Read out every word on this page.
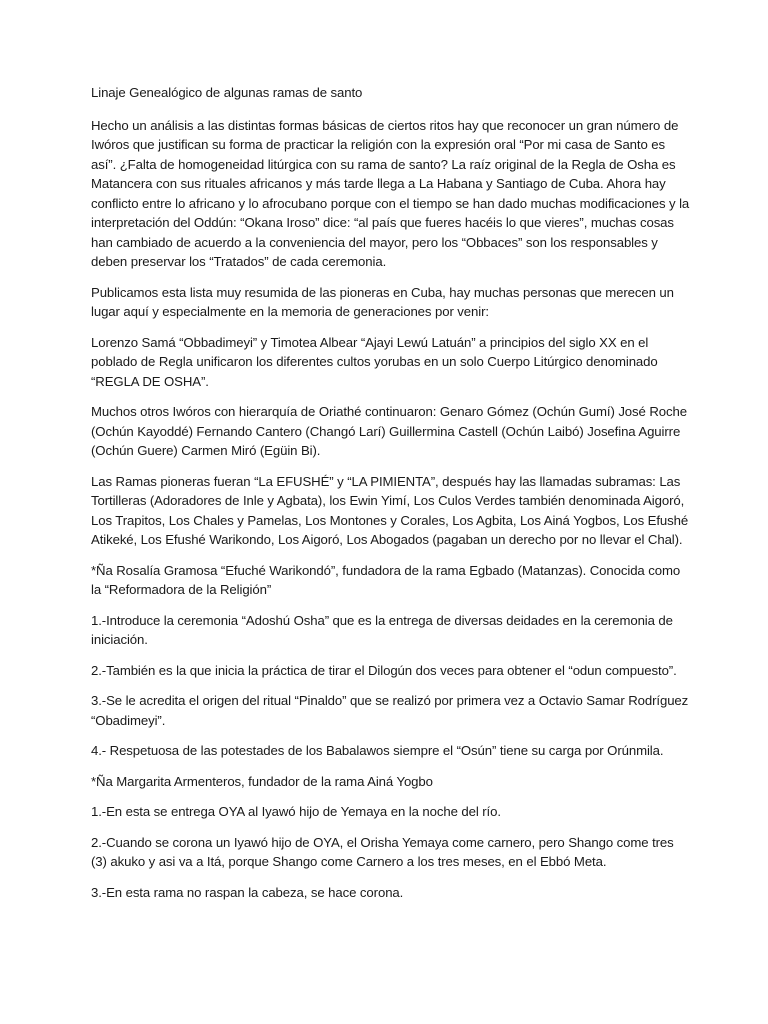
Linaje Genealógico de algunas ramas de santo

Hecho un análisis a las distintas formas básicas de ciertos ritos hay que reconocer un gran número de Iwóros que justifican su forma de practicar la religión con la expresión oral “Por mi casa de Santo es así”. ¿Falta de homogeneidad litúrgica con su rama de santo? La raíz original de la Regla de Osha es Matancera con sus rituales africanos y más tarde llega a La Habana y Santiago de Cuba. Ahora hay conflicto entre lo africano y lo afrocubano porque con el tiempo se han dado muchas modificaciones y la interpretación del Oddún: “Okana Iroso” dice: “al país que fueres hacéis lo que vieres”, muchas cosas han cambiado de acuerdo a la conveniencia del mayor, pero los “Obbaces” son los responsables y deben preservar los “Tratados” de cada ceremonia.

Publicamos esta lista muy resumida de las pioneras en Cuba, hay muchas personas que merecen un lugar aquí y especialmente en la memoria de generaciones por venir:

Lorenzo Samá “Obbadimeyi” y Timotea Albear “Ajayi Lewú Latuán” a principios del siglo XX en el poblado de Regla unificaron los diferentes cultos yorubas en un solo Cuerpo Litúrgico denominado “REGLA DE OSHA”.

Muchos otros Iwóros con hierarquía de Oriathé continuaron: Genaro Gómez (Ochún Gumí) José Roche (Ochún Kayoddé) Fernando Cantero (Changó Larí) Guillermina Castell (Ochún Laibó) Josefina Aguirre (Ochún Guere) Carmen Miró (Egüin Bi).

Las Ramas pioneras fueran “La EFUSHÉ” y “LA PIMIENTA”, después hay las llamadas subramas: Las Tortilleras (Adoradores de Inle y Agbata), los Ewin Yimí, Los Culos Verdes también denominada Aigoró, Los Trapitos, Los Chales y Pamelas, Los Montones y Corales, Los Agbita, Los Ainá Yogbos, Los Efushé Atikeké, Los Efushé Warikondo, Los Aigoró, Los Abogados (pagaban un derecho por no llevar el Chal).

*Ña Rosalía Gramosa “Efuché Warikondó”, fundadora de la rama Egbado (Matanzas). Conocida como la “Reformadora de la Religión”

1.-Introduce la ceremonia “Adoshú Osha” que es la entrega de diversas deidades en la ceremonia de iniciación.

2.-También es la que inicia la práctica de tirar el Dilogún dos veces para obtener el “odun compuesto”.

3.-Se le acredita el origen del ritual “Pinaldo” que se realizó por primera vez a Octavio Samar Rodríguez “Obadimeyi”.

4.- Respetuosa de las potestades de los Babalawos siempre el “Osún” tiene su carga por Orúnmila.

*Ña Margarita Armenteros, fundador de la rama Ainá Yogbo

1.-En esta se entrega OYA al Iyawó hijo de Yemaya en la noche del río.

2.-Cuando se corona un Iyawó hijo de OYA, el Orisha Yemaya come carnero, pero Shango come tres (3) akuko y asi va a Itá, porque Shango come Carnero a los tres meses, en el Ebbó Meta.

3.-En esta rama no raspan la cabeza, se hace corona.
